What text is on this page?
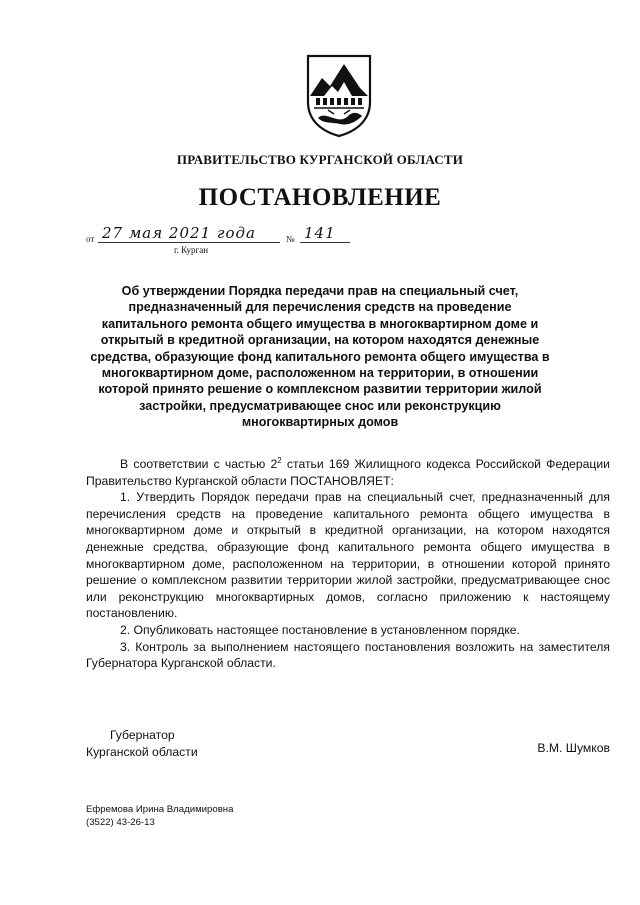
ПРАВИТЕЛЬСТВО КУРГАНСКОЙ ОБЛАСТИ
ПОСТАНОВЛЕНИЕ
от 27 мая 2021 года	№ 141
г. Курган
Об утверждении Порядка передачи прав на специальный счет, предназначенный для перечисления средств на проведение капитального ремонта общего имущества в многоквартирном доме и открытый в кредитной организации, на котором находятся денежные средства, образующие фонд капитального ремонта общего имущества в многоквартирном доме, расположенном на территории, в отношении которой принято решение о комплексном развитии территории жилой застройки, предусматривающее снос или реконструкцию многоквартирных домов

В соответствии с частью $2^2$ статьи 169 Жилищного кодекса Российской Федерации Правительство Курганской области ПОСТАНОВЛЯЕТ:

1. Утвердить Порядок передачи прав на специальный счет, предназначенный для перечисления средств на проведение капитального ремонта общего имущества в многоквартирном доме и открытый в кредитной организации, на котором находятся денежные средства, образующие фонд капитального ремонта общего имущества в многоквартирном доме, расположенном на территории, в отношении которой принято решение о комплексном развитии территории жилой застройки, предусматривающее снос или реконструкцию многоквартирных домов, согласно приложению к настоящему постановлению.

2. Опубликовать настоящее постановление в установленном порядке.

3. Контроль за выполнением настоящего постановления возложить на заместителя Губернатора Курганской области.

Губернатор
Курганской области	В.М. Шумков
Ефремова Ирина Владимировна
(3522) 43-26-13
